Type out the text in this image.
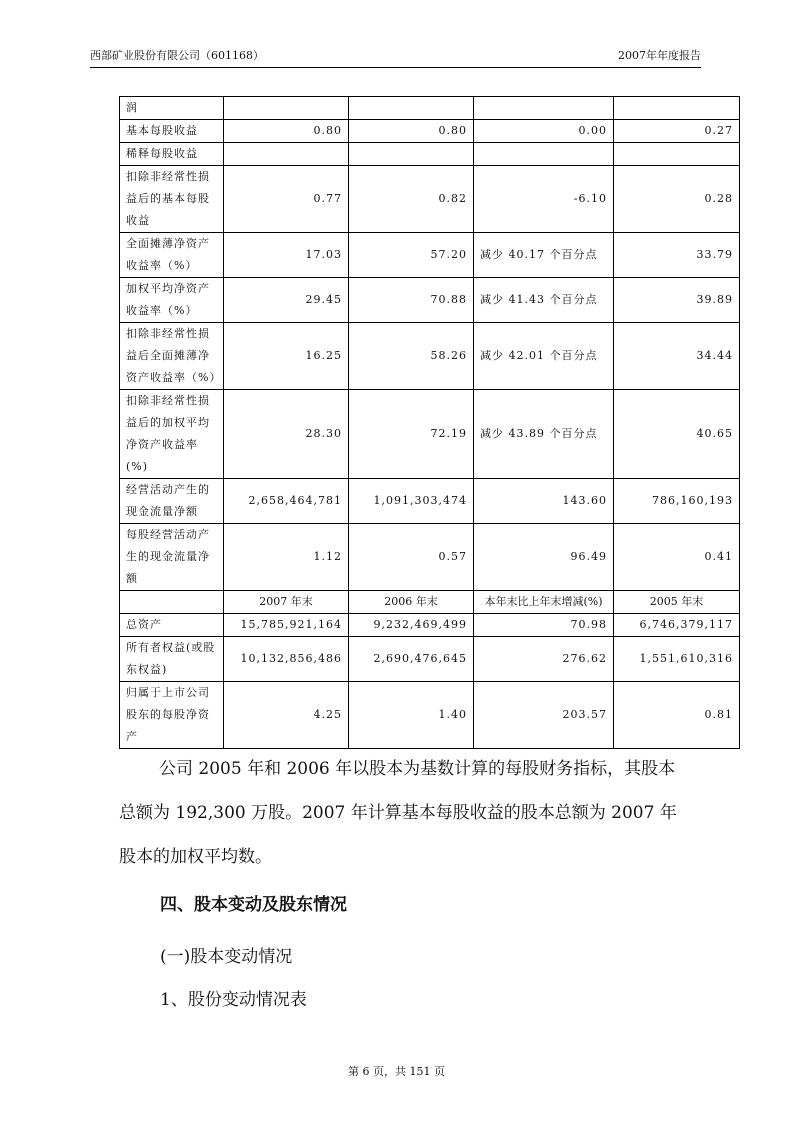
西部矿业股份有限公司（601168）	2007年年度报告
润				
基本每股收益	0.80	0.80	0.00	0.27
稀释每股收益				
扣除非经常性损益后的基本每股收益	0.77	0.82	-6.10	0.28
全面摊薄净资产收益率（%）	17.03	57.20	减少 40.17 个百分点	33.79
加权平均净资产收益率（%）	29.45	70.88	减少 41.43 个百分点	39.89
扣除非经常性损益后全面摊薄净资产收益率（%）	16.25	58.26	减少 42.01 个百分点	34.44
扣除非经常性损益后的加权平均净资产收益率(%)	28.30	72.19	减少 43.89 个百分点	40.65
经营活动产生的现金流量净额	2,658,464,781	1,091,303,474	143.60	786,160,193
每股经营活动产生的现金流量净额	1.12	0.57	96.49	0.41
	2007 年末	2006 年末	本年末比上年末增减(%)	2005 年末
总资产	15,785,921,164	9,232,469,499	70.98	6,746,379,117
所有者权益(或股东权益)	10,132,856,486	2,690,476,645	276.62	1,551,610,316
归属于上市公司股东的每股净资产	4.25	1.40	203.57	0.81
公司 2005 年和 2006 年以股本为基数计算的每股财务指标，其股本总额为 192,300 万股。2007 年计算基本每股收益的股本总额为 2007 年股本的加权平均数。
四、股本变动及股东情况
(一)股本变动情况
1、股份变动情况表
第 6 页，共 151 页
